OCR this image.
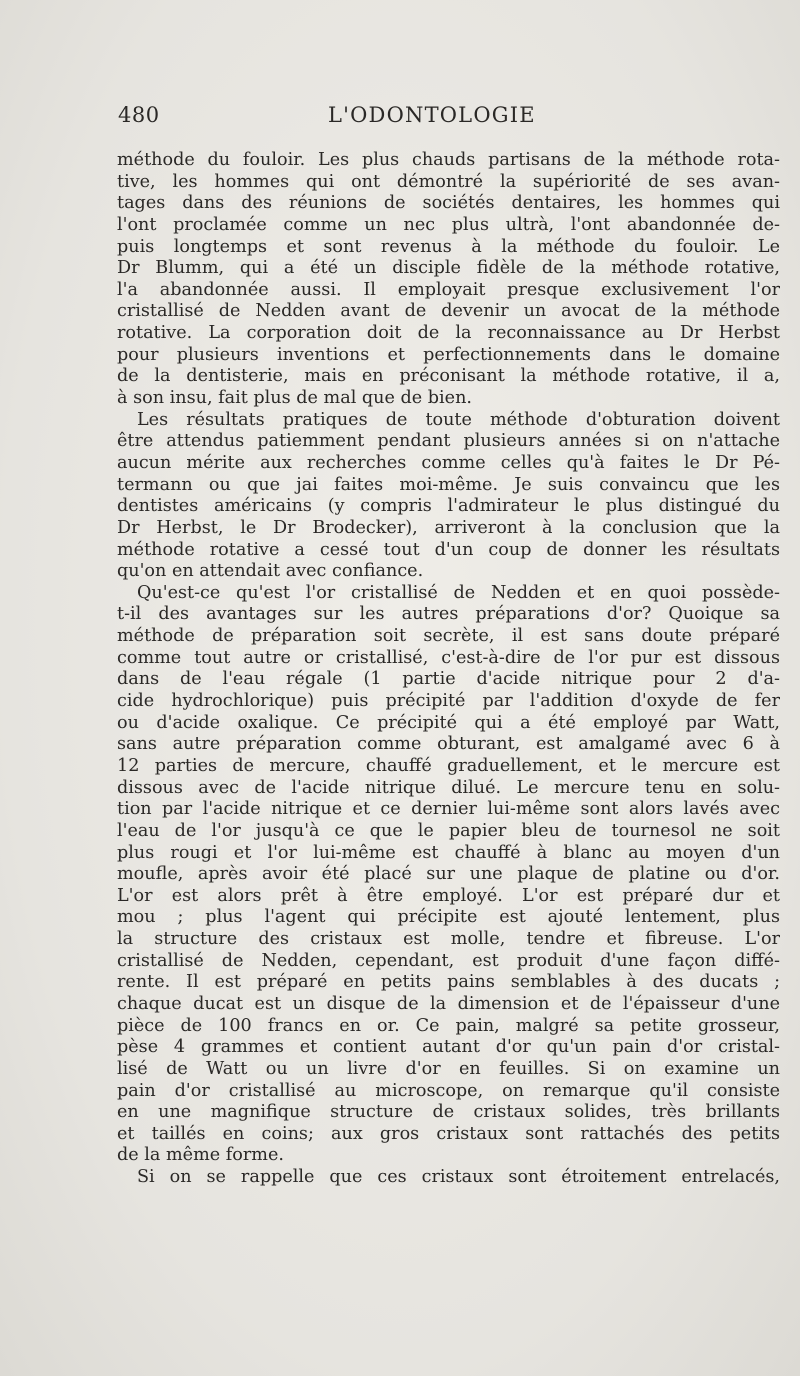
480	L'ODONTOLOGIE
méthode du fouloir. Les plus chauds partisans de la méthode rota-
tive, les hommes qui ont démontré la supériorité de ses avan-
tages dans des réunions de sociétés dentaires, les hommes qui
l'ont proclamée comme un nec plus ultrà, l'ont abandonnée de-
puis longtemps et sont revenus à la méthode du fouloir. Le
Dr Blumm, qui a été un disciple fidèle de la méthode rotative,
l'a abandonnée aussi. Il employait presque exclusivement l'or
cristallisé de Nedden avant de devenir un avocat de la méthode
rotative. La corporation doit de la reconnaissance au Dr Herbst
pour plusieurs inventions et perfectionnements dans le domaine
de la dentisterie, mais en préconisant la méthode rotative, il a,
à son insu, fait plus de mal que de bien.
Les résultats pratiques de toute méthode d'obturation doivent
être attendus patiemment pendant plusieurs années si on n'attache
aucun mérite aux recherches comme celles qu'à faites le Dr Pé-
termann ou que jai faites moi-même. Je suis convaincu que les
dentistes américains (y compris l'admirateur le plus distingué du
Dr Herbst, le Dr Brodecker), arriveront à la conclusion que la
méthode rotative a cessé tout d'un coup de donner les résultats
qu'on en attendait avec confiance.
Qu'est-ce qu'est l'or cristallisé de Nedden et en quoi possède-
t-il des avantages sur les autres préparations d'or? Quoique sa
méthode de préparation soit secrète, il est sans doute préparé
comme tout autre or cristallisé, c'est-à-dire de l'or pur est dissous
dans de l'eau régale (1 partie d'acide nitrique pour 2 d'a-
cide hydrochlorique) puis précipité par l'addition d'oxyde de fer
ou d'acide oxalique. Ce précipité qui a été employé par Watt,
sans autre préparation comme obturant, est amalgamé avec 6 à
12 parties de mercure, chauffé graduellement, et le mercure est
dissous avec de l'acide nitrique dilué. Le mercure tenu en solu-
tion par l'acide nitrique et ce dernier lui-même sont alors lavés avec
l'eau de l'or jusqu'à ce que le papier bleu de tournesol ne soit
plus rougi et l'or lui-même est chauffé à blanc au moyen d'un
moufle, après avoir été placé sur une plaque de platine ou d'or.
L'or est alors prêt à être employé. L'or est préparé dur et
mou ; plus l'agent qui précipite est ajouté lentement, plus
la structure des cristaux est molle, tendre et fibreuse. L'or
cristallisé de Nedden, cependant, est produit d'une façon diffé-
rente. Il est préparé en petits pains semblables à des ducats ;
chaque ducat est un disque de la dimension et de l'épaisseur d'une
pièce de 100 francs en or. Ce pain, malgré sa petite grosseur,
pèse 4 grammes et contient autant d'or qu'un pain d'or cristal-
lisé de Watt ou un livre d'or en feuilles. Si on examine un
pain d'or cristallisé au microscope, on remarque qu'il consiste
en une magnifique structure de cristaux solides, très brillants
et taillés en coins; aux gros cristaux sont rattachés des petits
de la même forme.
Si on se rappelle que ces cristaux sont étroitement entrelacés,
